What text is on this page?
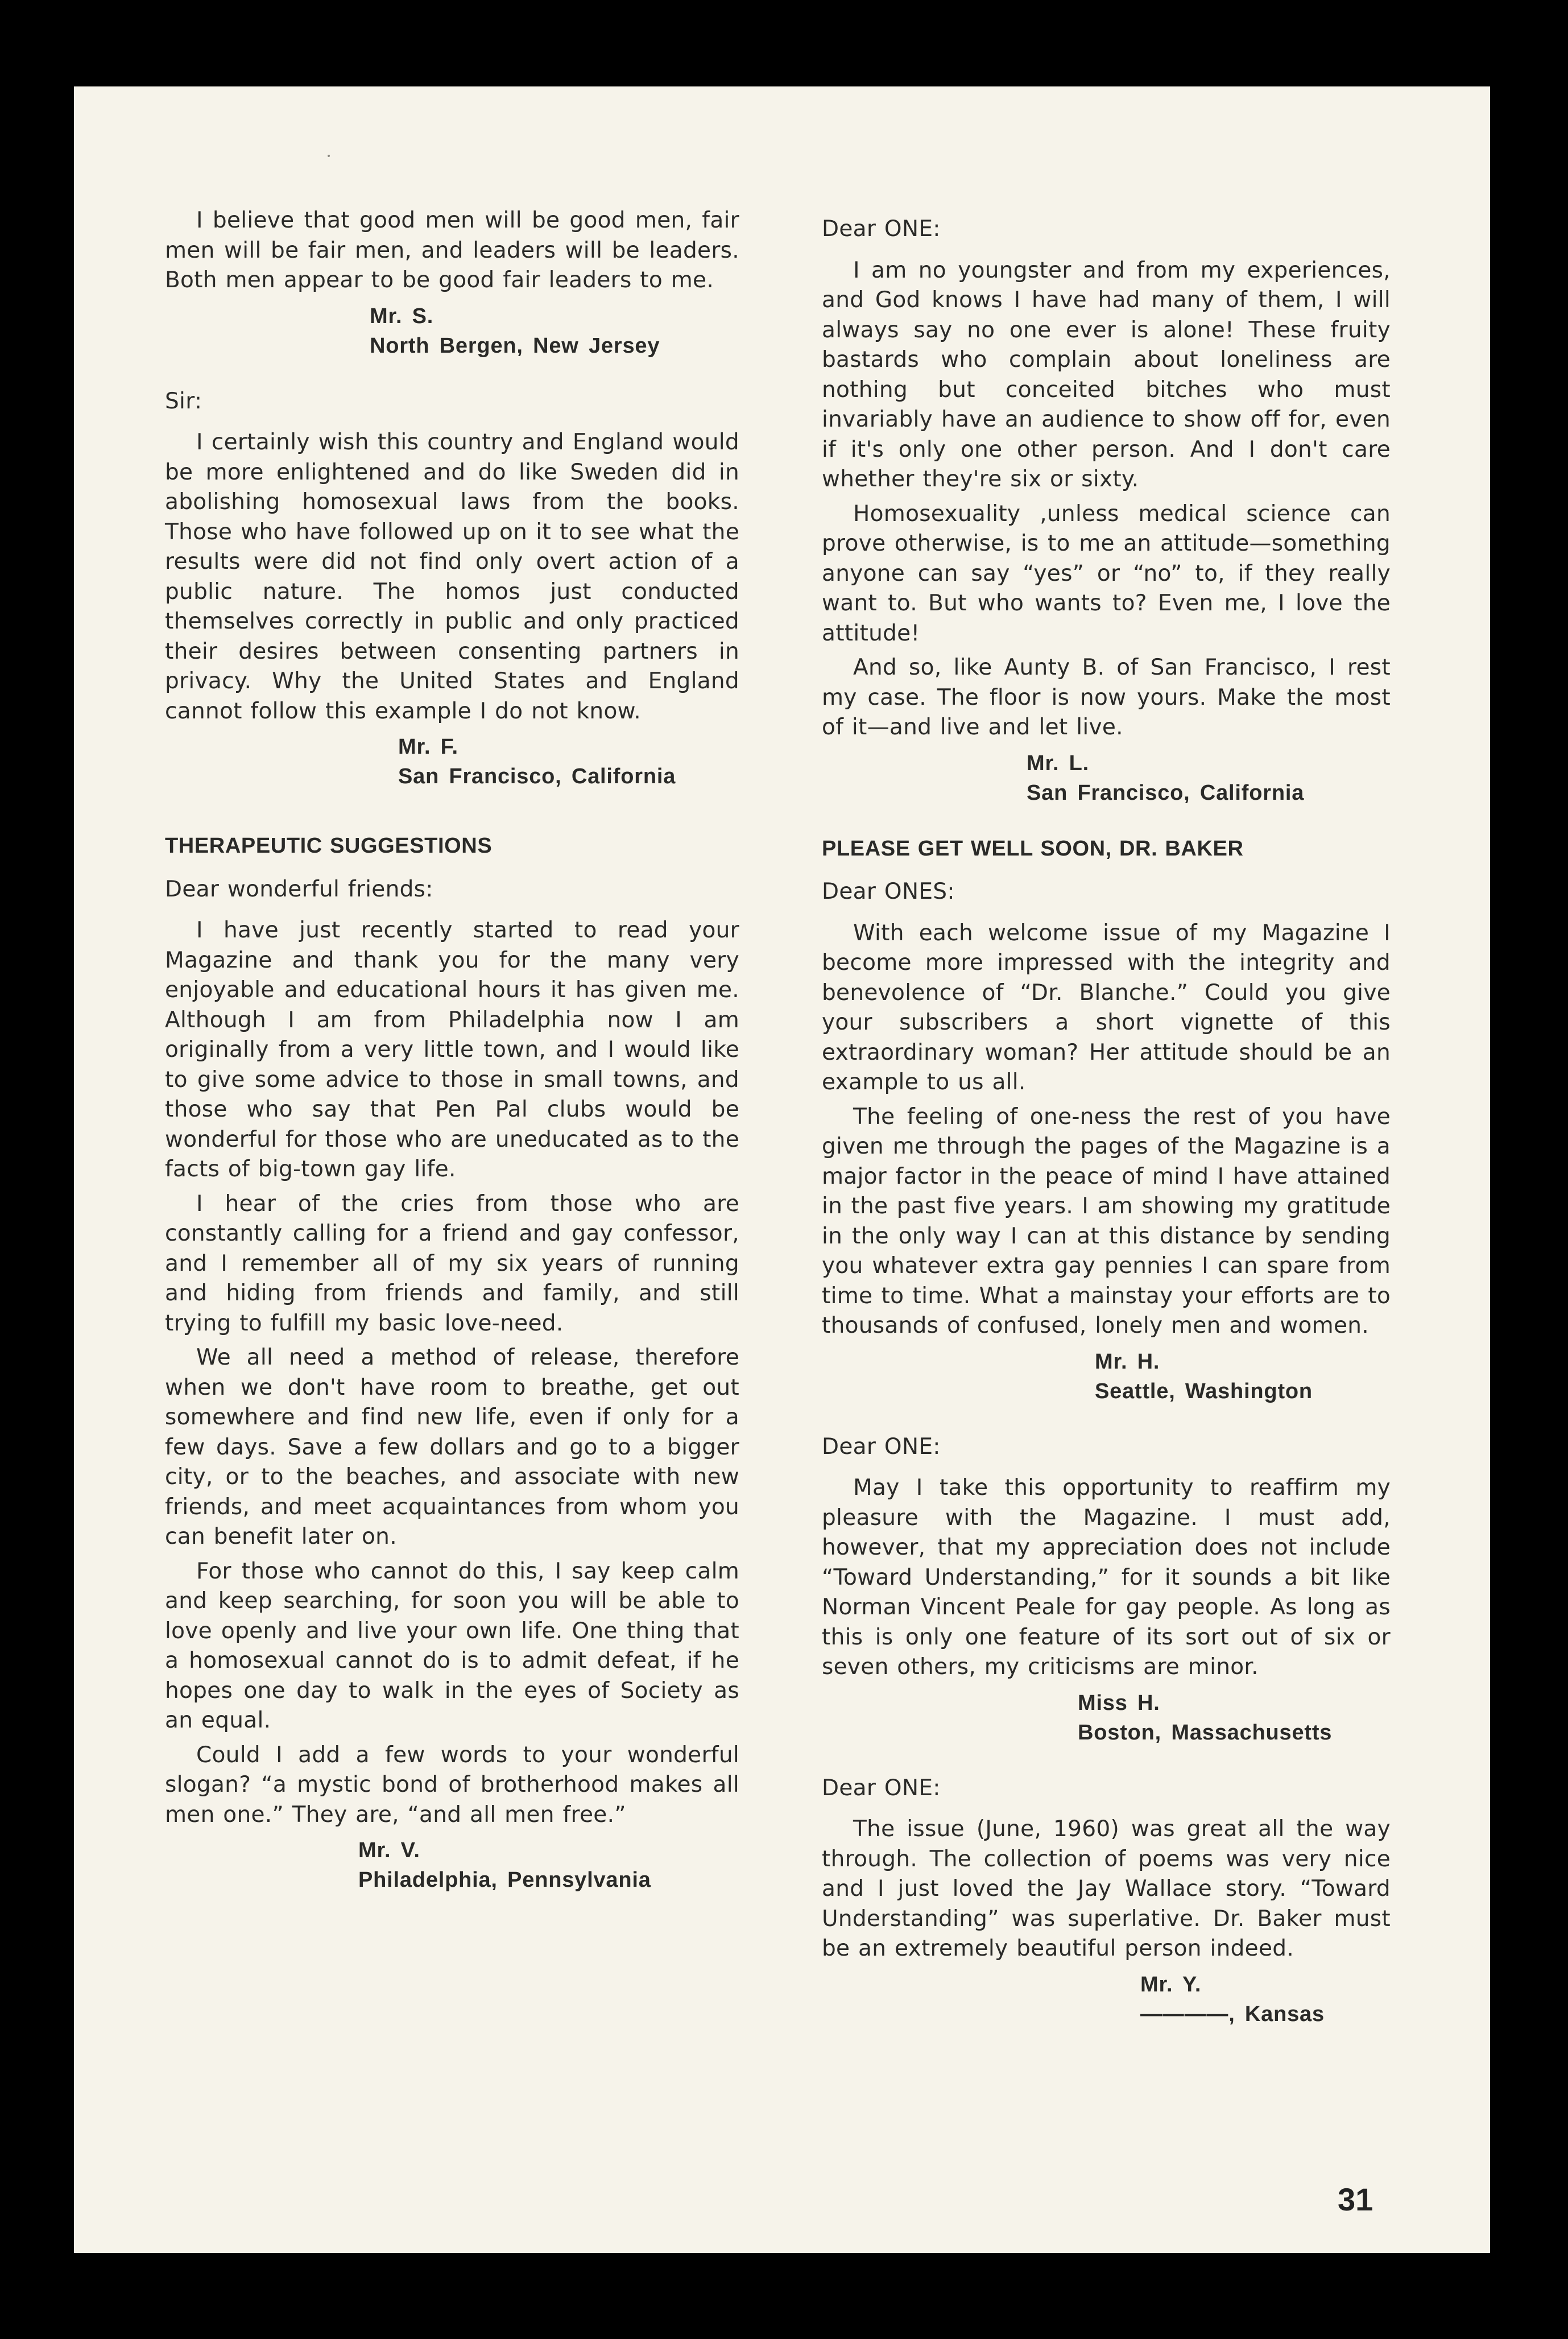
I believe that good men will be good men, fair men will be fair men, and leaders will be leaders. Both men appear to be good fair leaders to me.

Mr. S.
North Bergen, New Jersey

Sir:

I certainly wish this country and England would be more enlightened and do like Sweden did in abolishing homosexual laws from the books. Those who have followed up on it to see what the results were did not find only overt action of a public nature. The homos just conducted themselves correctly in public and only practiced their desires between consenting partners in privacy. Why the United States and England cannot follow this example I do not know.

Mr. F.
San Francisco, California
THERAPEUTIC SUGGESTIONS

Dear wonderful friends:

I have just recently started to read your Magazine and thank you for the many very enjoyable and educational hours it has given me. Although I am from Philadelphia now I am originally from a very little town, and I would like to give some advice to those in small towns, and those who say that Pen Pal clubs would be wonderful for those who are uneducated as to the facts of big-town gay life.

I hear of the cries from those who are constantly calling for a friend and gay confessor, and I remember all of my six years of running and hiding from friends and family, and still trying to fulfill my basic love-need.

We all need a method of release, therefore when we don't have room to breathe, get out somewhere and find new life, even if only for a few days. Save a few dollars and go to a bigger city, or to the beaches, and associate with new friends, and meet acquaintances from whom you can benefit later on.

For those who cannot do this, I say keep calm and keep searching, for soon you will be able to love openly and live your own life. One thing that a homosexual cannot do is to admit defeat, if he hopes one day to walk in the eyes of Society as an equal.

Could I add a few words to your wonderful slogan? “a mystic bond of brotherhood makes all men one.” They are, “and all men free.”

Mr. V.
Philadelphia, Pennsylvania

Dear ONE:

I am no youngster and from my experiences, and God knows I have had many of them, I will always say no one ever is alone! These fruity bastards who complain about loneliness are nothing but conceited bitches who must invariably have an audience to show off for, even if it's only one other person. And I don't care whether they're six or sixty.

Homosexuality ,unless medical science can prove otherwise, is to me an attitude—something anyone can say “yes” or “no” to, if they really want to. But who wants to? Even me, I love the attitude!

And so, like Aunty B. of San Francisco, I rest my case. The floor is now yours. Make the most of it—and live and let live.

Mr. L.
San Francisco, California
PLEASE GET WELL SOON, DR. BAKER

Dear ONES:

With each welcome issue of my Magazine I become more impressed with the integrity and benevolence of “Dr. Blanche.” Could you give your subscribers a short vignette of this extraordinary woman? Her attitude should be an example to us all.

The feeling of one-ness the rest of you have given me through the pages of the Magazine is a major factor in the peace of mind I have attained in the past five years. I am showing my gratitude in the only way I can at this distance by sending you whatever extra gay pennies I can spare from time to time. What a mainstay your efforts are to thousands of confused, lonely men and women.

Mr. H.
Seattle, Washington

Dear ONE:

May I take this opportunity to reaffirm my pleasure with the Magazine. I must add, however, that my appreciation does not include “Toward Understanding,” for it sounds a bit like Norman Vincent Peale for gay people. As long as this is only one feature of its sort out of six or seven others, my criticisms are minor.

Miss H.
Boston, Massachusetts

Dear ONE:

The issue (June, 1960) was great all the way through. The collection of poems was very nice and I just loved the Jay Wallace story. “Toward Understanding” was superlative. Dr. Baker must be an extremely beautiful person indeed.

Mr. Y.
————, Kansas
31
